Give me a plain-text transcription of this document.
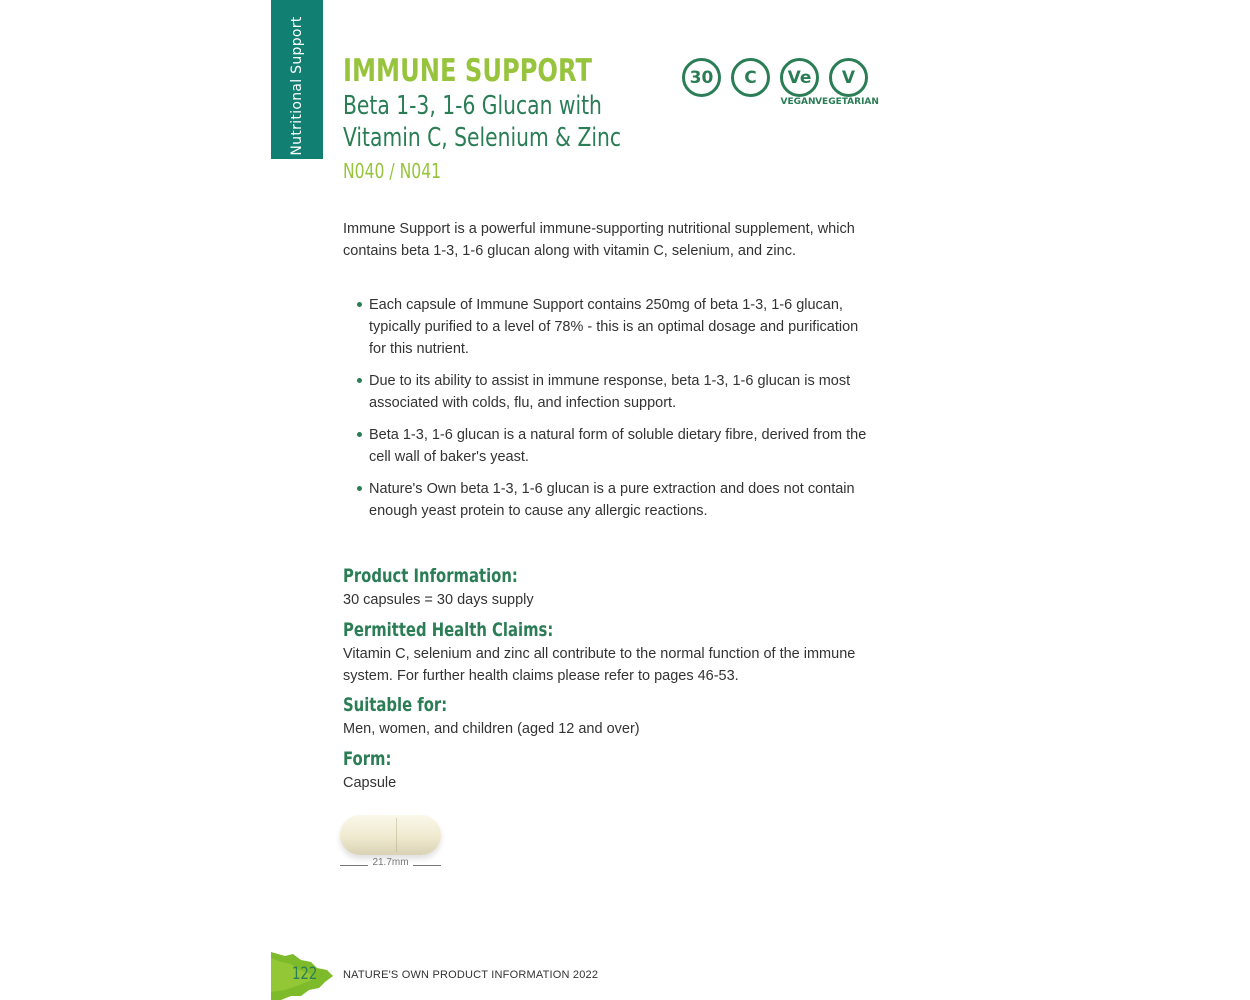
Nutritional Support IMMUNE SUPPORT
Beta 1-3, 1-6 Glucan with
Vitamin C, Selenium & Zinc
N040 / N041
30 C Ve
VEGAN
V
VEGETARIAN

Immune Support is a powerful immune-supporting nutritional supplement, which contains beta 1-3, 1-6 glucan along with vitamin C, selenium, and zinc.

Each capsule of Immune Support contains 250mg of beta 1-3, 1-6 glucan, typically purified to a level of 78% - this is an optimal dosage and purification for this nutrient.
Due to its ability to assist in immune response, beta 1-3, 1-6 glucan is most associated with colds, flu, and infection support.
Beta 1-3, 1-6 glucan is a natural form of soluble dietary fibre, derived from the cell wall of baker's yeast.
Nature's Own beta 1-3, 1-6 glucan is a pure extraction and does not contain enough yeast protein to cause any allergic reactions.
Product Information:

30 capsules = 30 days supply

Permitted Health Claims:

Vitamin C, selenium and zinc all contribute to the normal function of the immune system. For further health claims please refer to pages 46-53.

Suitable for:

Men, women, and children (aged 12 and over)

Form:

Capsule

21.7mm
122	NATURE'S OWN PRODUCT INFORMATION 2022
